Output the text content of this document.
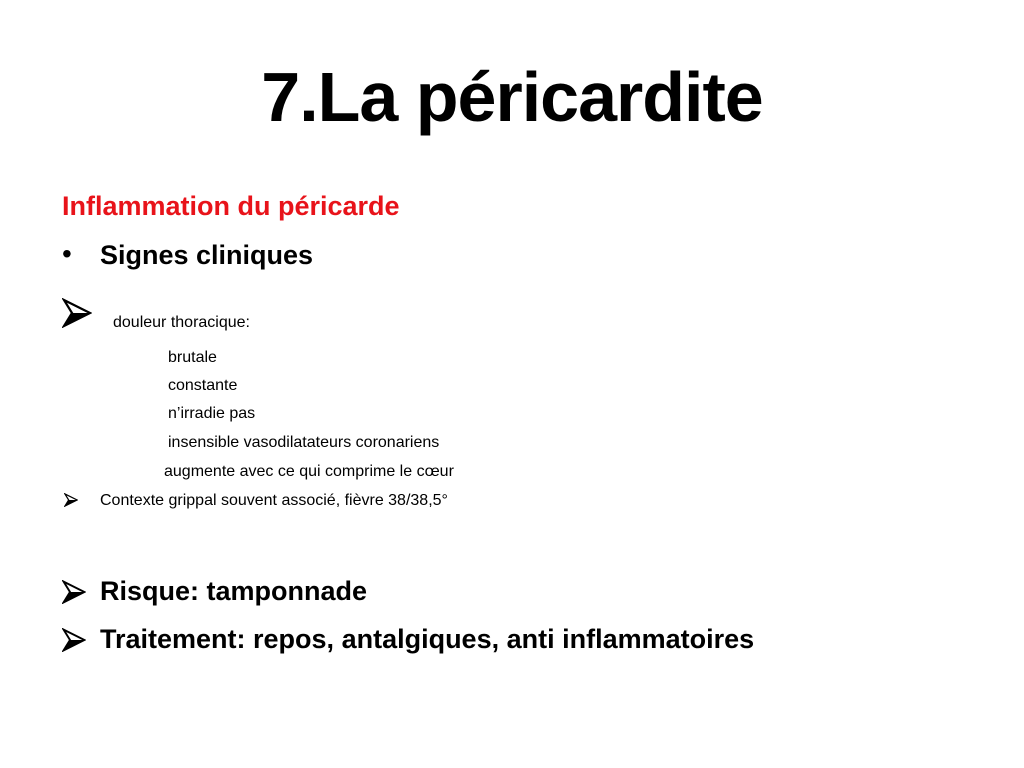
7.La péricardite
Inflammation du péricarde
• Signes cliniques
douleur thoracique:
brutale
constante
n’irradie pas
insensible vasodilatateurs coronariens
augmente avec ce qui comprime le cœur
Contexte grippal souvent associé, fièvre 38/38,5°
Risque: tamponnade
Traitement: repos, antalgiques, anti inflammatoires
